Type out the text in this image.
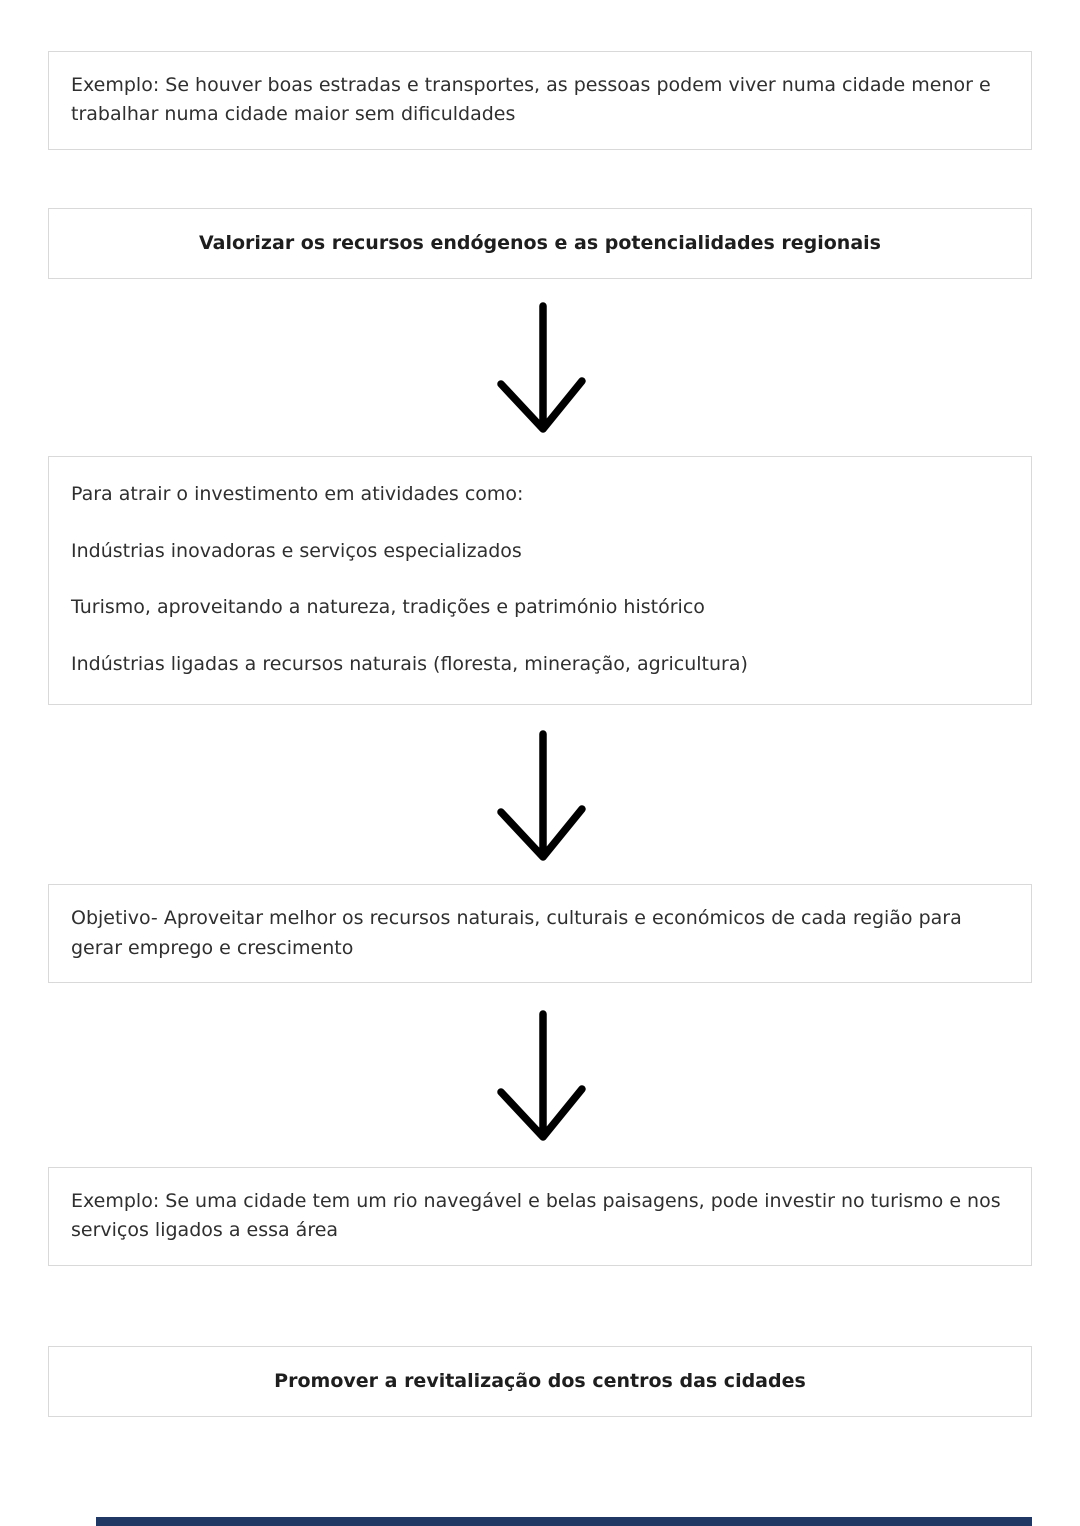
Exemplo: Se houver boas estradas e transportes, as pessoas podem viver numa cidade menor e trabalhar numa cidade maior sem dificuldades

Valorizar os recursos endógenos e as potencialidades regionais

Para atrair o investimento em atividades como:

Indústrias inovadoras e serviços especializados

Turismo, aproveitando a natureza, tradições e património histórico

Indústrias ligadas a recursos naturais (floresta, mineração, agricultura)

Objetivo- Aproveitar melhor os recursos naturais, culturais e económicos de cada região para gerar emprego e crescimento

Exemplo: Se uma cidade tem um rio navegável e belas paisagens, pode investir no turismo e nos serviços ligados a essa área

Promover a revitalização dos centros das cidades
